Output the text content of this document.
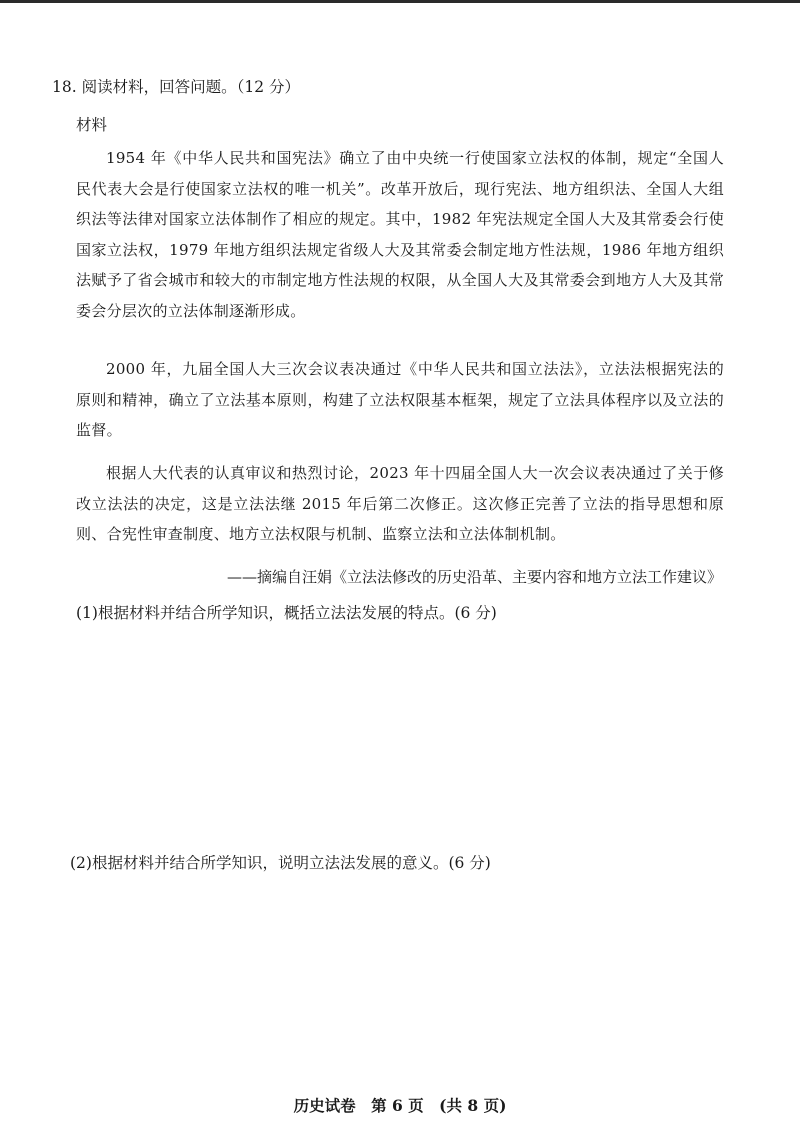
18. 阅读材料，回答问题。（12 分）
材料
1954 年《中华人民共和国宪法》确立了由中央统一行使国家立法权的体制，规定“全国人民代表大会是行使国家立法权的唯一机关”。改革开放后，现行宪法、地方组织法、全国人大组织法等法律对国家立法体制作了相应的规定。其中，1982 年宪法规定全国人大及其常委会行使国家立法权，1979 年地方组织法规定省级人大及其常委会制定地方性法规，1986 年地方组织法赋予了省会城市和较大的市制定地方性法规的权限，从全国人大及其常委会到地方人大及其常委会分层次的立法体制逐渐形成。
2000 年，九届全国人大三次会议表决通过《中华人民共和国立法法》，立法法根据宪法的原则和精神，确立了立法基本原则，构建了立法权限基本框架，规定了立法具体程序以及立法的监督。
根据人大代表的认真审议和热烈讨论，2023 年十四届全国人大一次会议表决通过了关于修改立法法的决定，这是立法法继 2015 年后第二次修正。这次修正完善了立法的指导思想和原则、合宪性审查制度、地方立法权限与机制、监察立法和立法体制机制。
——摘编自汪娟《立法法修改的历史沿革、主要内容和地方立法工作建议》
(1)根据材料并结合所学知识，概括立法法发展的特点。(6 分)
(2)根据材料并结合所学知识，说明立法法发展的意义。(6 分)
历史试卷　第 6 页　(共 8 页)
